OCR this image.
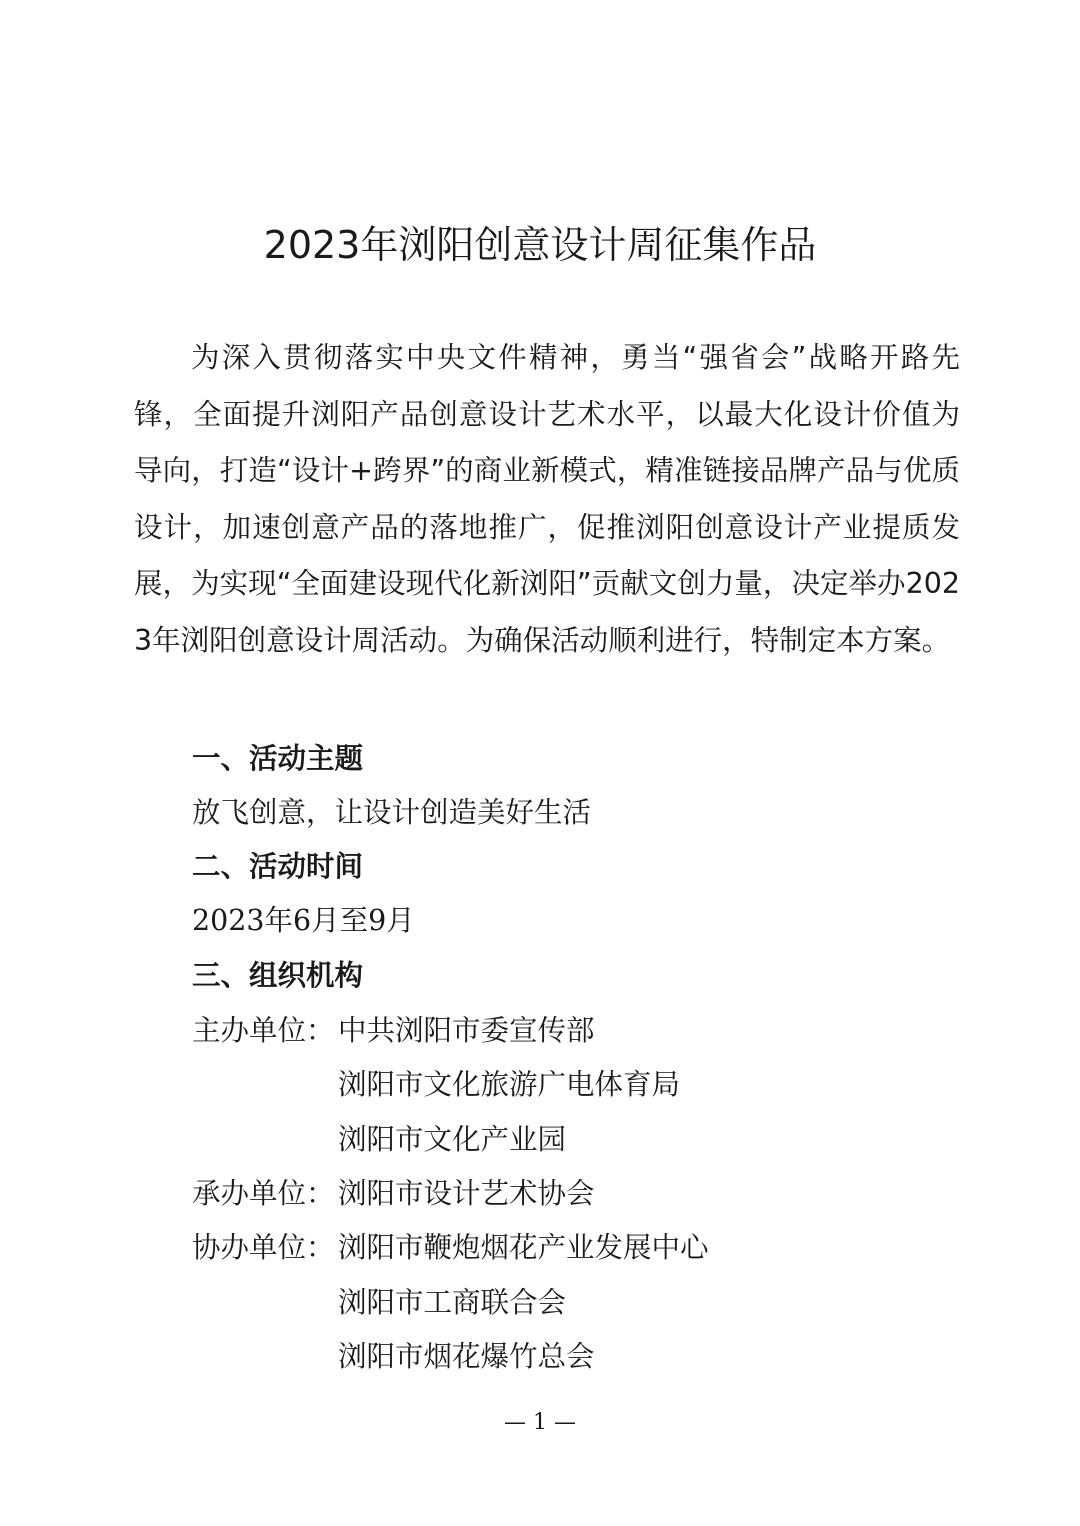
2023年浏阳创意设计周征集作品

为深入贯彻落实中央文件精神，勇当“强省会”战略开路先锋，全面提升浏阳产品创意设计艺术水平，以最大化设计价值为导向，打造“设计+跨界”的商业新模式，精准链接品牌产品与优质设计，加速创意产品的落地推广，促推浏阳创意设计产业提质发展，为实现“全面建设现代化新浏阳”贡献文创力量，决定举办2023年浏阳创意设计周活动。为确保活动顺利进行，特制定本方案。

一、活动主题
放飞创意，让设计创造美好生活
二、活动时间
2023年6月至9月
三、组织机构
主办单位： 中共浏阳市委宣传部
浏阳市文化旅游广电体育局
浏阳市文化产业园
承办单位： 浏阳市设计艺术协会
协办单位： 浏阳市鞭炮烟花产业发展中心
浏阳市工商联合会
浏阳市烟花爆竹总会
— 1 —
